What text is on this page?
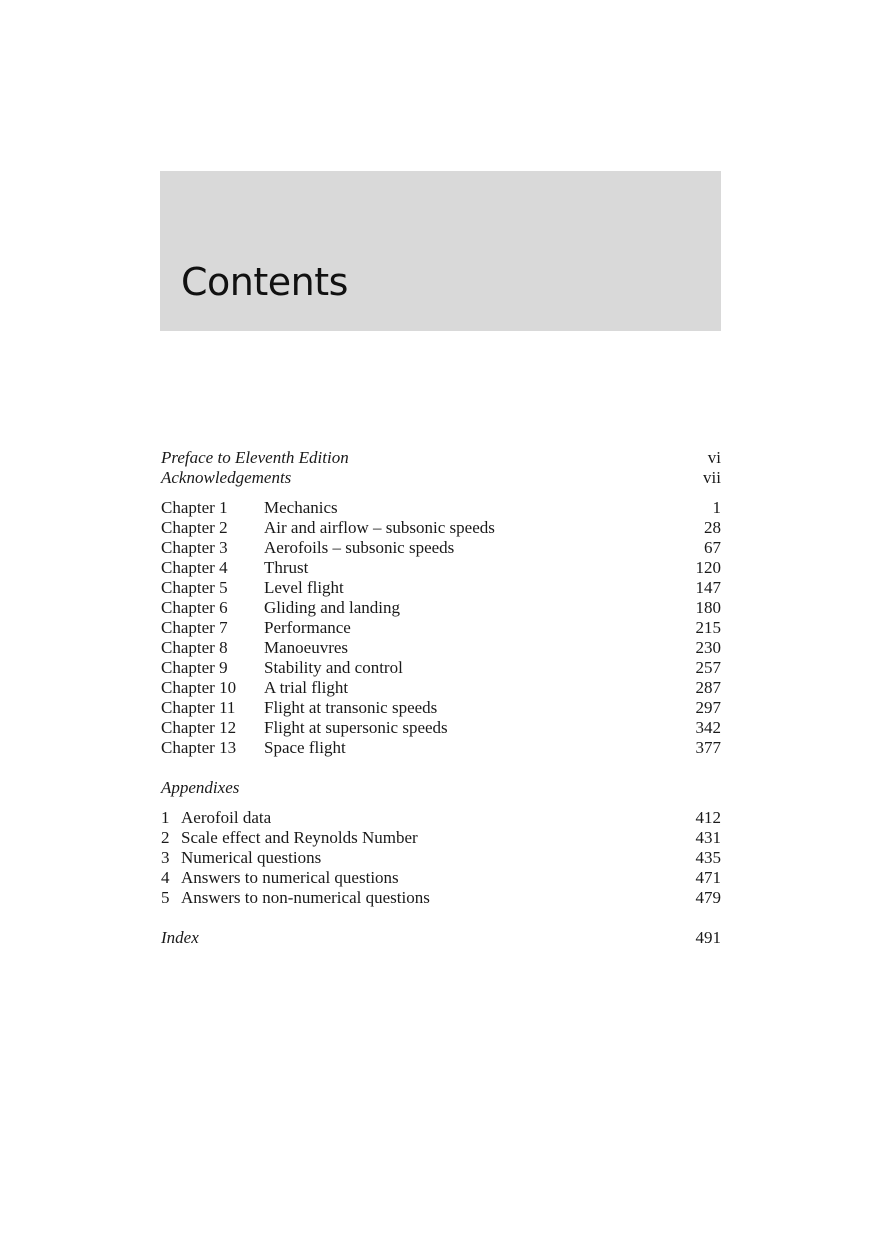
Contents
Preface to Eleventh Edition	vi
Acknowledgements	vii
Chapter 1 Mechanics	1
Chapter 2 Air and airflow – subsonic speeds	28
Chapter 3 Aerofoils – subsonic speeds	67
Chapter 4 Thrust	120
Chapter 5 Level flight	147
Chapter 6 Gliding and landing	180
Chapter 7 Performance	215
Chapter 8 Manoeuvres	230
Chapter 9 Stability and control	257
Chapter 10 A trial flight	287
Chapter 11 Flight at transonic speeds	297
Chapter 12 Flight at supersonic speeds	342
Chapter 13 Space flight	377
Appendixes
1 Aerofoil data	412
2 Scale effect and Reynolds Number	431
3 Numerical questions	435
4 Answers to numerical questions	471
5 Answers to non-numerical questions	479
Index	491
